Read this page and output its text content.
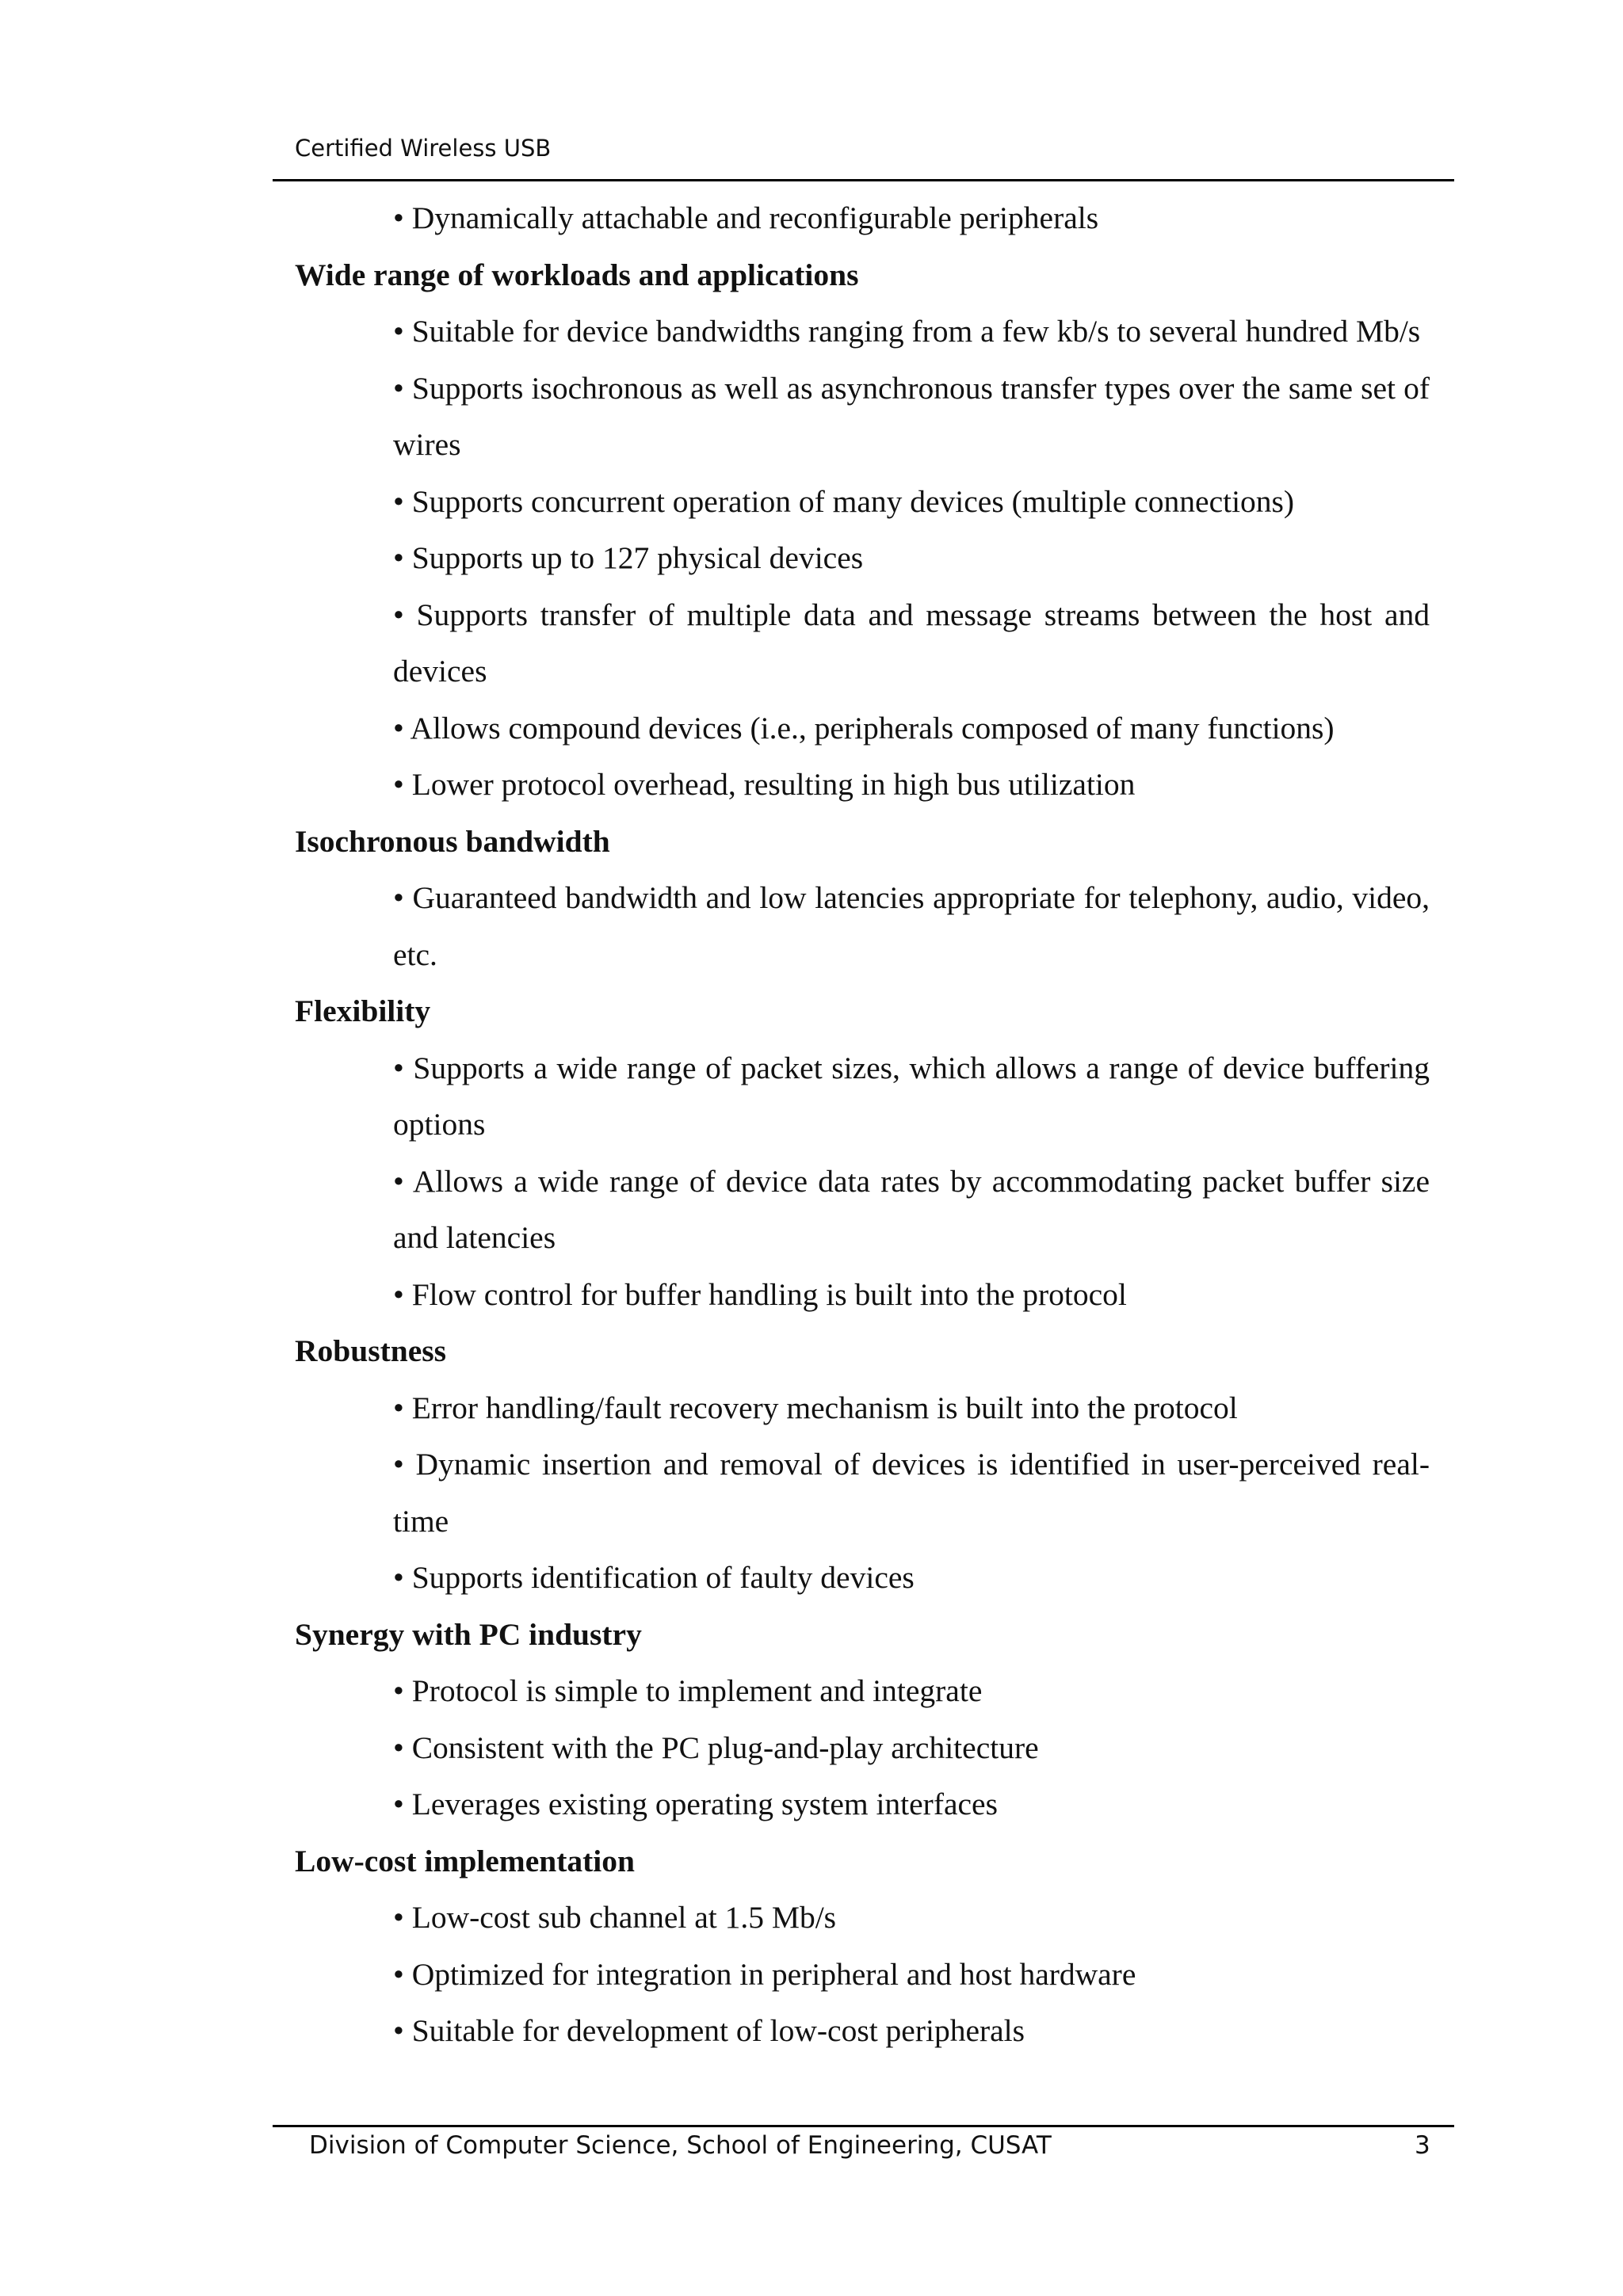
Certified Wireless USB

• Dynamically attachable and reconfigurable peripherals

Wide range of workloads and applications

• Suitable for device bandwidths ranging from a few kb/s to several hundred Mb/s

• Supports isochronous as well as asynchronous transfer types over the same set of wires

• Supports concurrent operation of many devices (multiple connections)

• Supports up to 127 physical devices

• Supports transfer of multiple data and message streams between the host and devices

• Allows compound devices (i.e., peripherals composed of many functions)

• Lower protocol overhead, resulting in high bus utilization

Isochronous bandwidth

• Guaranteed bandwidth and low latencies appropriate for telephony, audio, video, etc.

Flexibility

• Supports a wide range of packet sizes, which allows a range of device buffering options

• Allows a wide range of device data rates by accommodating packet buffer size and latencies

• Flow control for buffer handling is built into the protocol

Robustness

• Error handling/fault recovery mechanism is built into the protocol

• Dynamic insertion and removal of devices is identified in user-perceived real-time

• Supports identification of faulty devices

Synergy with PC industry

• Protocol is simple to implement and integrate

• Consistent with the PC plug-and-play architecture

• Leverages existing operating system interfaces

Low-cost implementation

• Low-cost sub channel at 1.5 Mb/s

• Optimized for integration in peripheral and host hardware

• Suitable for development of low-cost peripherals

Division of Computer Science, School of Engineering, CUSAT	3
